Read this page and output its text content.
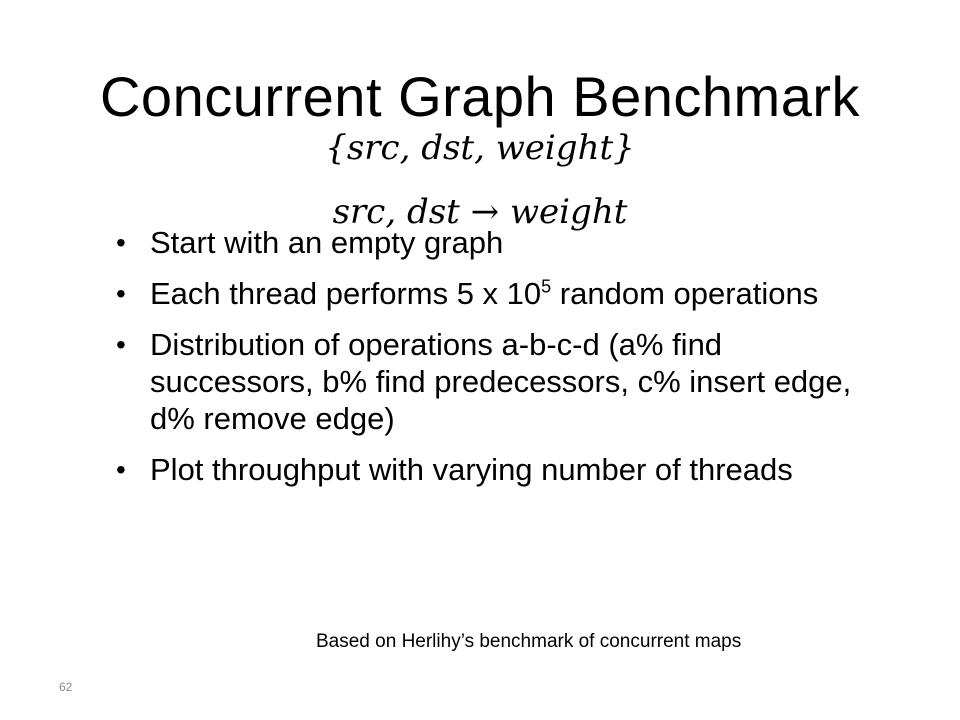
Concurrent Graph Benchmark
{src, dst, weight}
src, dst → weight
• Start with an empty graph
• Each thread performs 5 x $10^5$ random operations
• Distribution of operations a-b-c-d (a% find successors, b% find predecessors, c% insert edge, d% remove edge)
• Plot throughput with varying number of threads
Based on Herlihy’s benchmark of concurrent maps
62
